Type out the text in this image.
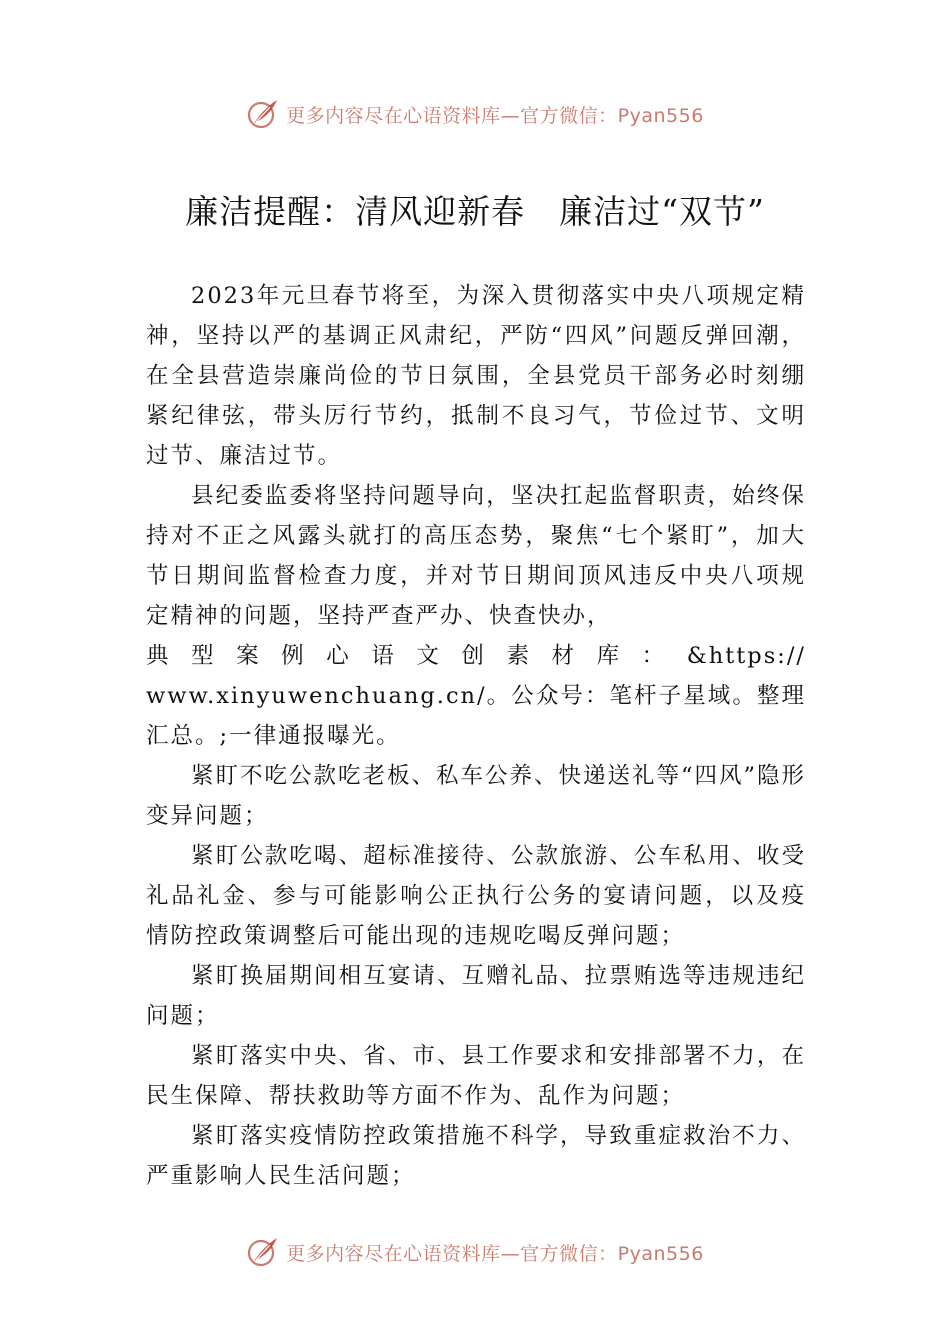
更多内容尽在心语资料库—官方微信：Pyan556
廉洁提醒：清风迎新春　廉洁过“双节”

2023年元旦春节将至，为深入贯彻落实中央八项规定精神，坚持以严的基调正风肃纪，严防“四风”问题反弹回潮，在全县营造崇廉尚俭的节日氛围，全县党员干部务必时刻绷紧纪律弦，带头厉行节约，抵制不良习气，节俭过节、文明过节、廉洁过节。

县纪委监委将坚持问题导向，坚决扛起监督职责，始终保持对不正之风露头就打的高压态势，聚焦“七个紧盯”，加大节日期间监督检查力度，并对节日期间顶风违反中央八项规定精神的问题，坚持严查严办、快查快办，

典型案例心语文创素材库：&https://
www.xinyuwenchuang.cn/。公众号：笔杆子星域。整理汇总。;一律通报曝光。

紧盯不吃公款吃老板、私车公养、快递送礼等“四风”隐形变异问题；

紧盯公款吃喝、超标准接待、公款旅游、公车私用、收受礼品礼金、参与可能影响公正执行公务的宴请问题，以及疫情防控政策调整后可能出现的违规吃喝反弹问题；

紧盯换届期间相互宴请、互赠礼品、拉票贿选等违规违纪问题；

紧盯落实中央、省、市、县工作要求和安排部署不力，在民生保障、帮扶救助等方面不作为、乱作为问题；

紧盯落实疫情防控政策措施不科学，导致重症救治不力、严重影响人民生活问题；

更多内容尽在心语资料库—官方微信：Pyan556
